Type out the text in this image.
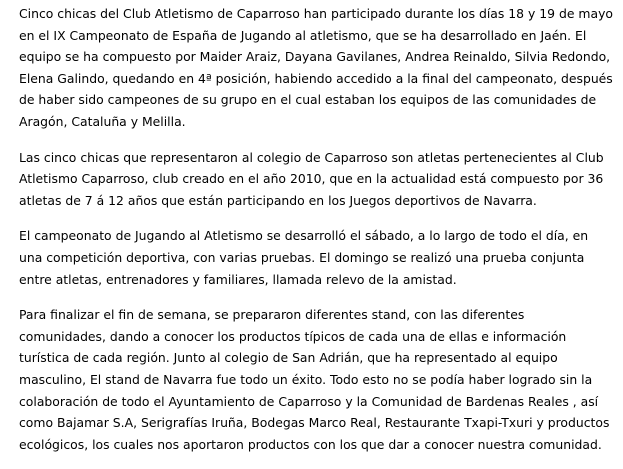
Cinco chicas del Club Atletismo de Caparroso han participado durante los días 18 y 19 de mayo
en el IX Campeonato de España de Jugando al atletismo, que se ha desarrollado en Jaén. El
equipo se ha compuesto por Maider Araiz, Dayana Gavilanes, Andrea Reinaldo, Silvia Redondo,
Elena Galindo, quedando en 4ª posición, habiendo accedido a la final del campeonato, después
de haber sido campeones de su grupo en el cual estaban los equipos de las comunidades de
Aragón, Cataluña y Melilla.

Las cinco chicas que representaron al colegio de Caparroso son atletas pertenecientes al Club
Atletismo Caparroso, club creado en el año 2010, que en la actualidad está compuesto por 36
atletas de 7 á 12 años que están participando en los Juegos deportivos de Navarra.

El campeonato de Jugando al Atletismo se desarrolló el sábado, a lo largo de todo el día, en
una competición deportiva, con varias pruebas. El domingo se realizó una prueba conjunta
entre atletas, entrenadores y familiares, llamada relevo de la amistad.

Para finalizar el fin de semana, se prepararon diferentes stand, con las diferentes
comunidades, dando a conocer los productos típicos de cada una de ellas e información
turística de cada región. Junto al colegio de San Adrián, que ha representado al equipo
masculino, El stand de Navarra fue todo un éxito. Todo esto no se podía haber logrado sin la
colaboración de todo el Ayuntamiento de Caparroso y la Comunidad de Bardenas Reales , así
como Bajamar S.A, Serigrafías Iruña, Bodegas Marco Real, Restaurante Txapi-Txuri y productos
ecológicos, los cuales nos aportaron productos con los que dar a conocer nuestra comunidad.
